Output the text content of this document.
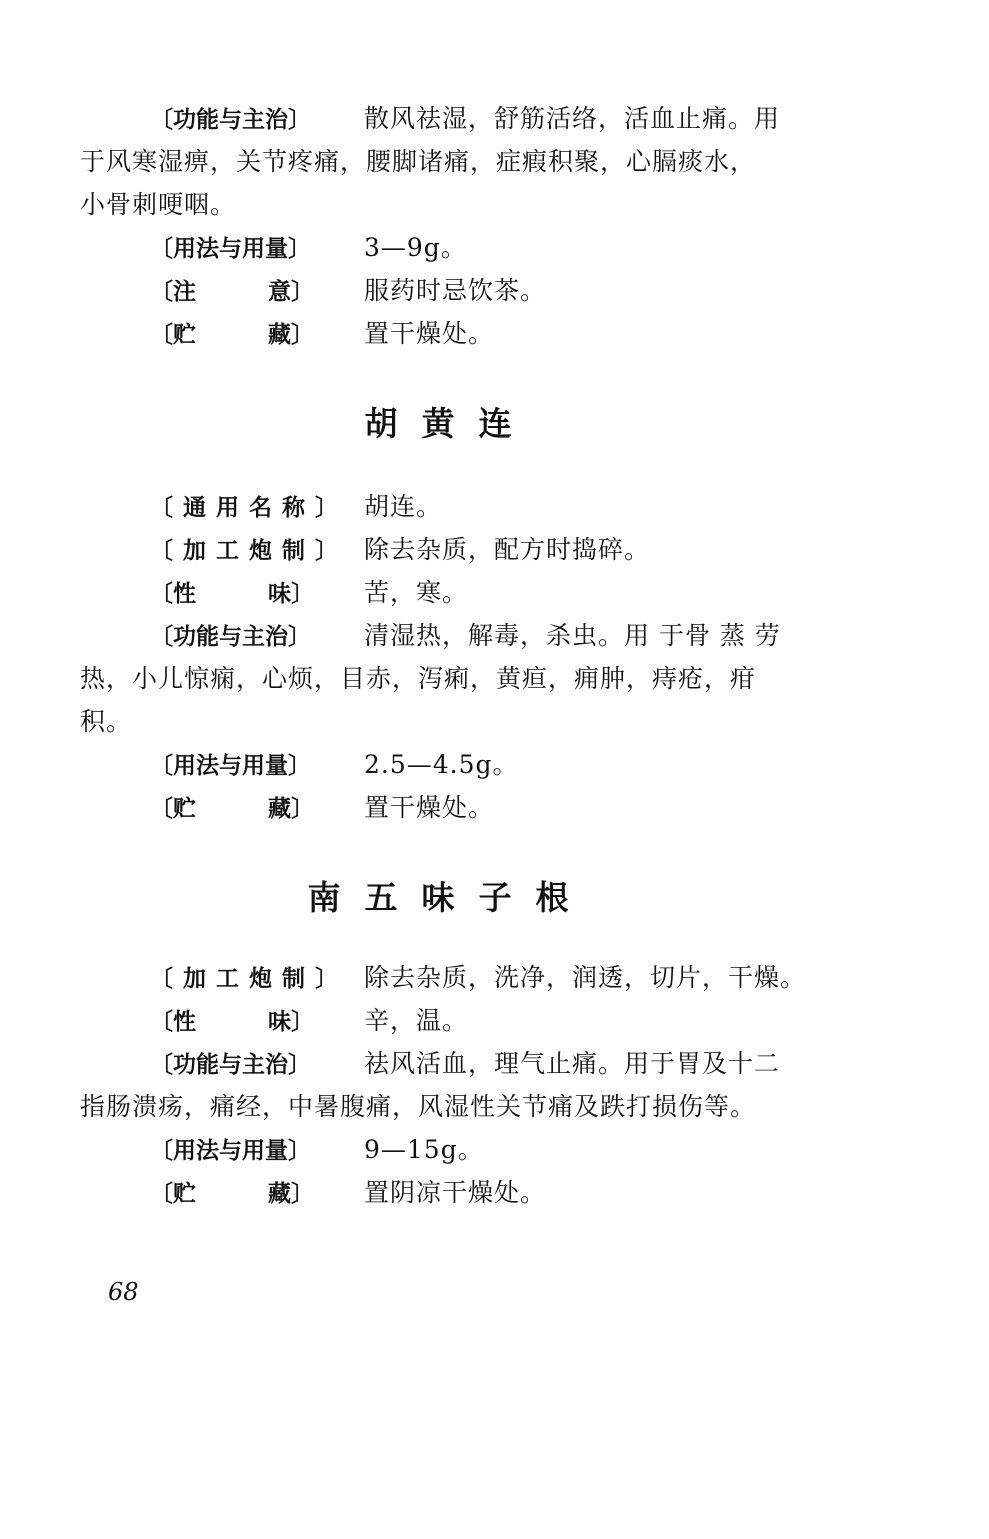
〔功能与主治〕 散风祛湿，舒筋活络，活血止痛。用
于风寒湿痹，关节疼痛，腰脚诸痛，症瘕积聚，心膈痰水，
小骨刺哽咽。
〔用法与用量〕 3—9g。
〔注	意〕 服药时忌饮茶。
〔贮	藏〕 置干燥处。
胡黄连
〔通用名称〕 胡连。
〔加工炮制〕 除去杂质，配方时捣碎。
〔性	味〕 苦，寒。
〔功能与主治〕 清湿热，解毒，杀虫。用 于骨 蒸 劳
热，小儿惊痫，心烦，目赤，泻痢，黄疸，痈肿，痔疮，疳
积。
〔用法与用量〕 2.5—4.5g。
〔贮	藏〕 置干燥处。
南五味子根
〔加工炮制〕 除去杂质，洗净，润透，切片，干燥。
〔性	味〕 辛，温。
〔功能与主治〕 祛风活血，理气止痛。用于胃及十二
指肠溃疡，痛经，中暑腹痛，风湿性关节痛及跌打损伤等。
〔用法与用量〕 9—15g。
〔贮	藏〕 置阴凉干燥处。
68
